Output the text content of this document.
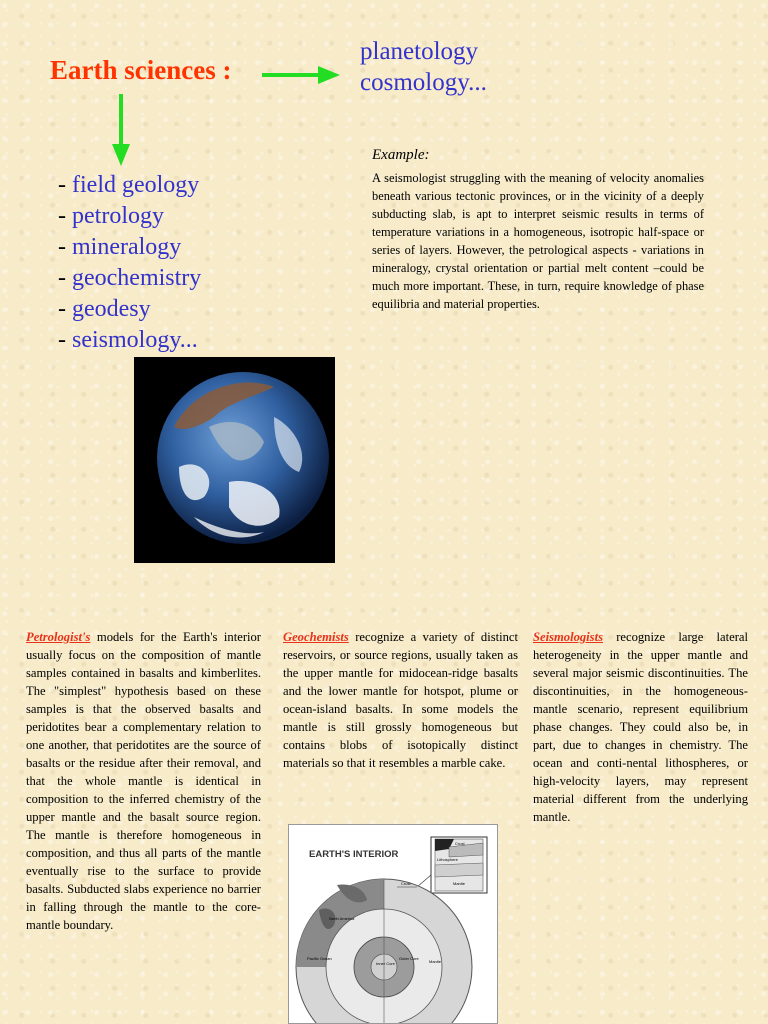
Earth sciences :
planetology
cosmology...
- field geology
- petrology
- mineralogy
- geochemistry
- geodesy
- seismology...
Example:
A seismologist struggling with the meaning of velocity anomalies beneath various tectonic provinces, or in the vicinity of a deeply subducting slab, is apt to interpret seismic results in terms of temperature variations in a homogeneous, isotropic half-space or series of layers. However, the petrological aspects - variations in mineralogy, crystal orientation or partial melt content –could be much more important. These, in turn, require knowledge of phase equilibria and material properties.
Petrologist's models for the Earth's interior usually focus on the composition of mantle samples contained in basalts and kimberlites. The "simplest" hypothesis based on these samples is that the observed basalts and peridotites bear a complementary relation to one another, that peridotites are the source of basalts or the residue after their removal, and that the whole mantle is identical in composition to the inferred chemistry of the upper mantle and the basalt source region. The mantle is therefore homogeneous in composition, and thus all parts of the mantle eventually rise to the surface to provide basalts. Subducted slabs experience no barrier in falling through the mantle to the core-mantle boundary.
Geochemists recognize a variety of distinct reservoirs, or source regions, usually taken as the upper mantle for midocean-ridge basalts and the lower mantle for hotspot, plume or ocean-island basalts. In some models the mantle is still grossly homogeneous but contains blobs of isotopically distinct materials so that it resembles a marble cake.
Seismologists recognize large lateral heterogeneity in the upper mantle and several major seismic discontinuities. The discontinuities, in the homogeneous-mantle scenario, represent equilibrium phase changes. They could also be, in part, due to changes in chemistry. The ocean and conti-nental lithospheres, or high-velocity layers, may represent material different from the underlying mantle.
EARTH'S INTERIOR
Crust
Lithosphere
Mantle
Crust
North America
Pacific Ocean
Inner Core
Outer Core
Mantle
